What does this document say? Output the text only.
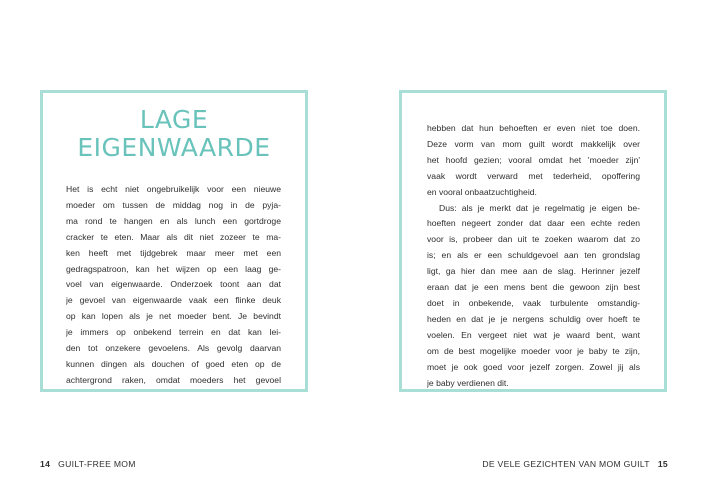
LAGE
EIGENWAARDE
Het is echt niet ongebruikelijk voor een nieuwe
moeder om tussen de middag nog in de pyja-
ma rond te hangen en als lunch een gortdroge
cracker te eten. Maar als dit niet zozeer te ma-
ken heeft met tijdgebrek maar meer met een
gedragspatroon, kan het wijzen op een laag ge-
voel van eigenwaarde. Onderzoek toont aan dat
je gevoel van eigenwaarde vaak een flinke deuk
op kan lopen als je net moeder bent. Je bevindt
je immers op onbekend terrein en dat kan lei-
den tot onzekere gevoelens. Als gevolg daarvan
kunnen dingen als douchen of goed eten op de
achtergrond raken, omdat moeders het gevoel
hebben dat hun behoeften er even niet toe doen.
Deze vorm van mom guilt wordt makkelijk over
het hoofd gezien; vooral omdat het 'moeder zijn'
vaak wordt verward met tederheid, opoffering
en vooral onbaatzuchtigheid.
Dus: als je merkt dat je regelmatig je eigen be-
hoeften negeert zonder dat daar een echte reden
voor is, probeer dan uit te zoeken waarom dat zo
is; en als er een schuldgevoel aan ten grondslag
ligt, ga hier dan mee aan de slag. Herinner jezelf
eraan dat je een mens bent die gewoon zijn best
doet in onbekende, vaak turbulente omstandig-
heden en dat je je nergens schuldig over hoeft te
voelen. En vergeet niet wat je waard bent, want
om de best mogelijke moeder voor je baby te zijn,
moet je ook goed voor jezelf zorgen. Zowel jij als
je baby verdienen dit.
14 GUILT-FREE MOM	DE VELE GEZICHTEN VAN MOM GUILT 15
